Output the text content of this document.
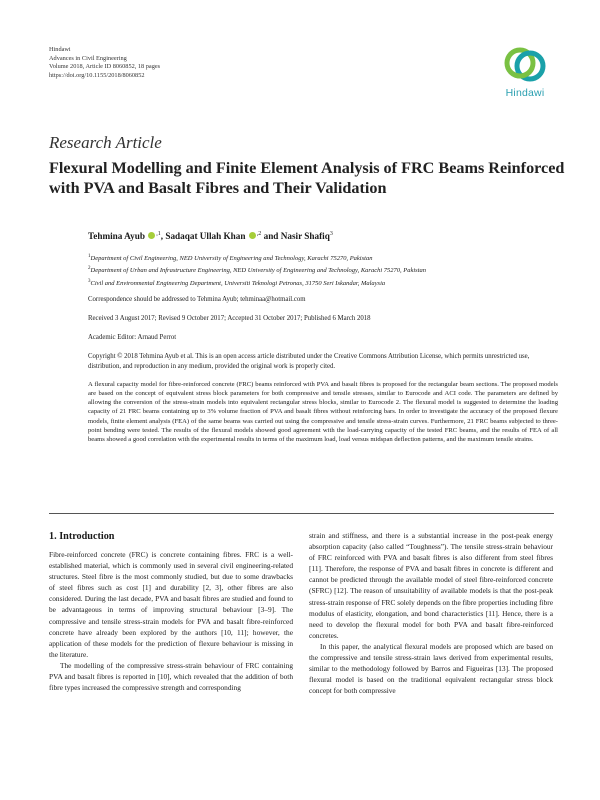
Hindawi
Advances in Civil Engineering
Volume 2018, Article ID 8060852, 18 pages
https://doi.org/10.1155/2018/8060852
Hindawi
Research Article
Flexural Modelling and Finite Element Analysis of FRC Beams Reinforced with PVA and Basalt Fibres and Their Validation
Tehmina Ayub $^{,1}$, Sadaqat Ullah Khan $^{,2}$ and Nasir Shafiq$^3$
$^1$Department of Civil Engineering, NED University of Engineering and Technology, Karachi 75270, Pakistan
$^2$Department of Urban and Infrastructure Engineering, NED University of Engineering and Technology, Karachi 75270, Pakistan
$^3$Civil and Environmental Engineering Department, Universiti Teknologi Petronas, 31750 Seri Iskandar, Malaysia
Correspondence should be addressed to Tehmina Ayub; tehminaa@hotmail.com
Received 3 August 2017; Revised 9 October 2017; Accepted 31 October 2017; Published 6 March 2018
Academic Editor: Arnaud Perrot
Copyright © 2018 Tehmina Ayub et al. This is an open access article distributed under the Creative Commons Attribution License, which permits unrestricted use, distribution, and reproduction in any medium, provided the original work is properly cited.

A flexural capacity model for fibre-reinforced concrete (FRC) beams reinforced with PVA and basalt fibres is proposed for the rectangular beam sections. The proposed models are based on the concept of equivalent stress block parameters for both compressive and tensile stresses, similar to Eurocode and ACI code. The parameters are defined by allowing the conversion of the stress-strain models into equivalent rectangular stress blocks, similar to Eurocode 2. The flexural model is suggested to determine the loading capacity of 21 FRC beams containing up to 3% volume fraction of PVA and basalt fibres without reinforcing bars. In order to investigate the accuracy of the proposed flexure models, finite element analysis (FEA) of the same beams was carried out using the compressive and tensile stress-strain curves. Furthermore, 21 FRC beams subjected to three-point bending were tested. The results of the flexural models showed good agreement with the load-carrying capacity of the tested FRC beams, and the results of FEA of all beams showed a good correlation with the experimental results in terms of the maximum load, load versus midspan deflection patterns, and the maximum tensile strains.

1. Introduction

Fibre-reinforced concrete (FRC) is concrete containing fibres. FRC is a well-established material, which is commonly used in several civil engineering-related structures. Steel fibre is the most commonly studied, but due to some drawbacks of steel fibres such as cost [1] and durability [2, 3], other fibres are also considered. During the last decade, PVA and basalt fibres are studied and found to be advantageous in terms of improving structural behaviour [3–9]. The compressive and tensile stress-strain models for PVA and basalt fibre-reinforced concrete have already been explored by the authors [10, 11]; however, the application of these models for the prediction of flexure behaviour is missing in the literature.

The modelling of the compressive stress-strain behaviour of FRC containing PVA and basalt fibres is reported in [10], which revealed that the addition of both fibre types increased the compressive strength and corresponding

strain and stiffness, and there is a substantial increase in the post-peak energy absorption capacity (also called “Toughness”). The tensile stress-strain behaviour of FRC reinforced with PVA and basalt fibres is also different from steel fibres [11]. Therefore, the response of PVA and basalt fibres in concrete is different and cannot be predicted through the available model of steel fibre-reinforced concrete (SFRC) [12]. The reason of unsuitability of available models is that the post-peak stress-strain response of FRC solely depends on the fibre properties including fibre modulus of elasticity, elongation, and bond characteristics [11]. Hence, there is a need to develop the flexural model for both PVA and basalt fibre-reinforced concretes.

In this paper, the analytical flexural models are proposed which are based on the compressive and tensile stress-strain laws derived from experimental results, similar to the methodology followed by Barros and Figueiras [13]. The proposed flexural model is based on the traditional equivalent rectangular stress block concept for both compressive
